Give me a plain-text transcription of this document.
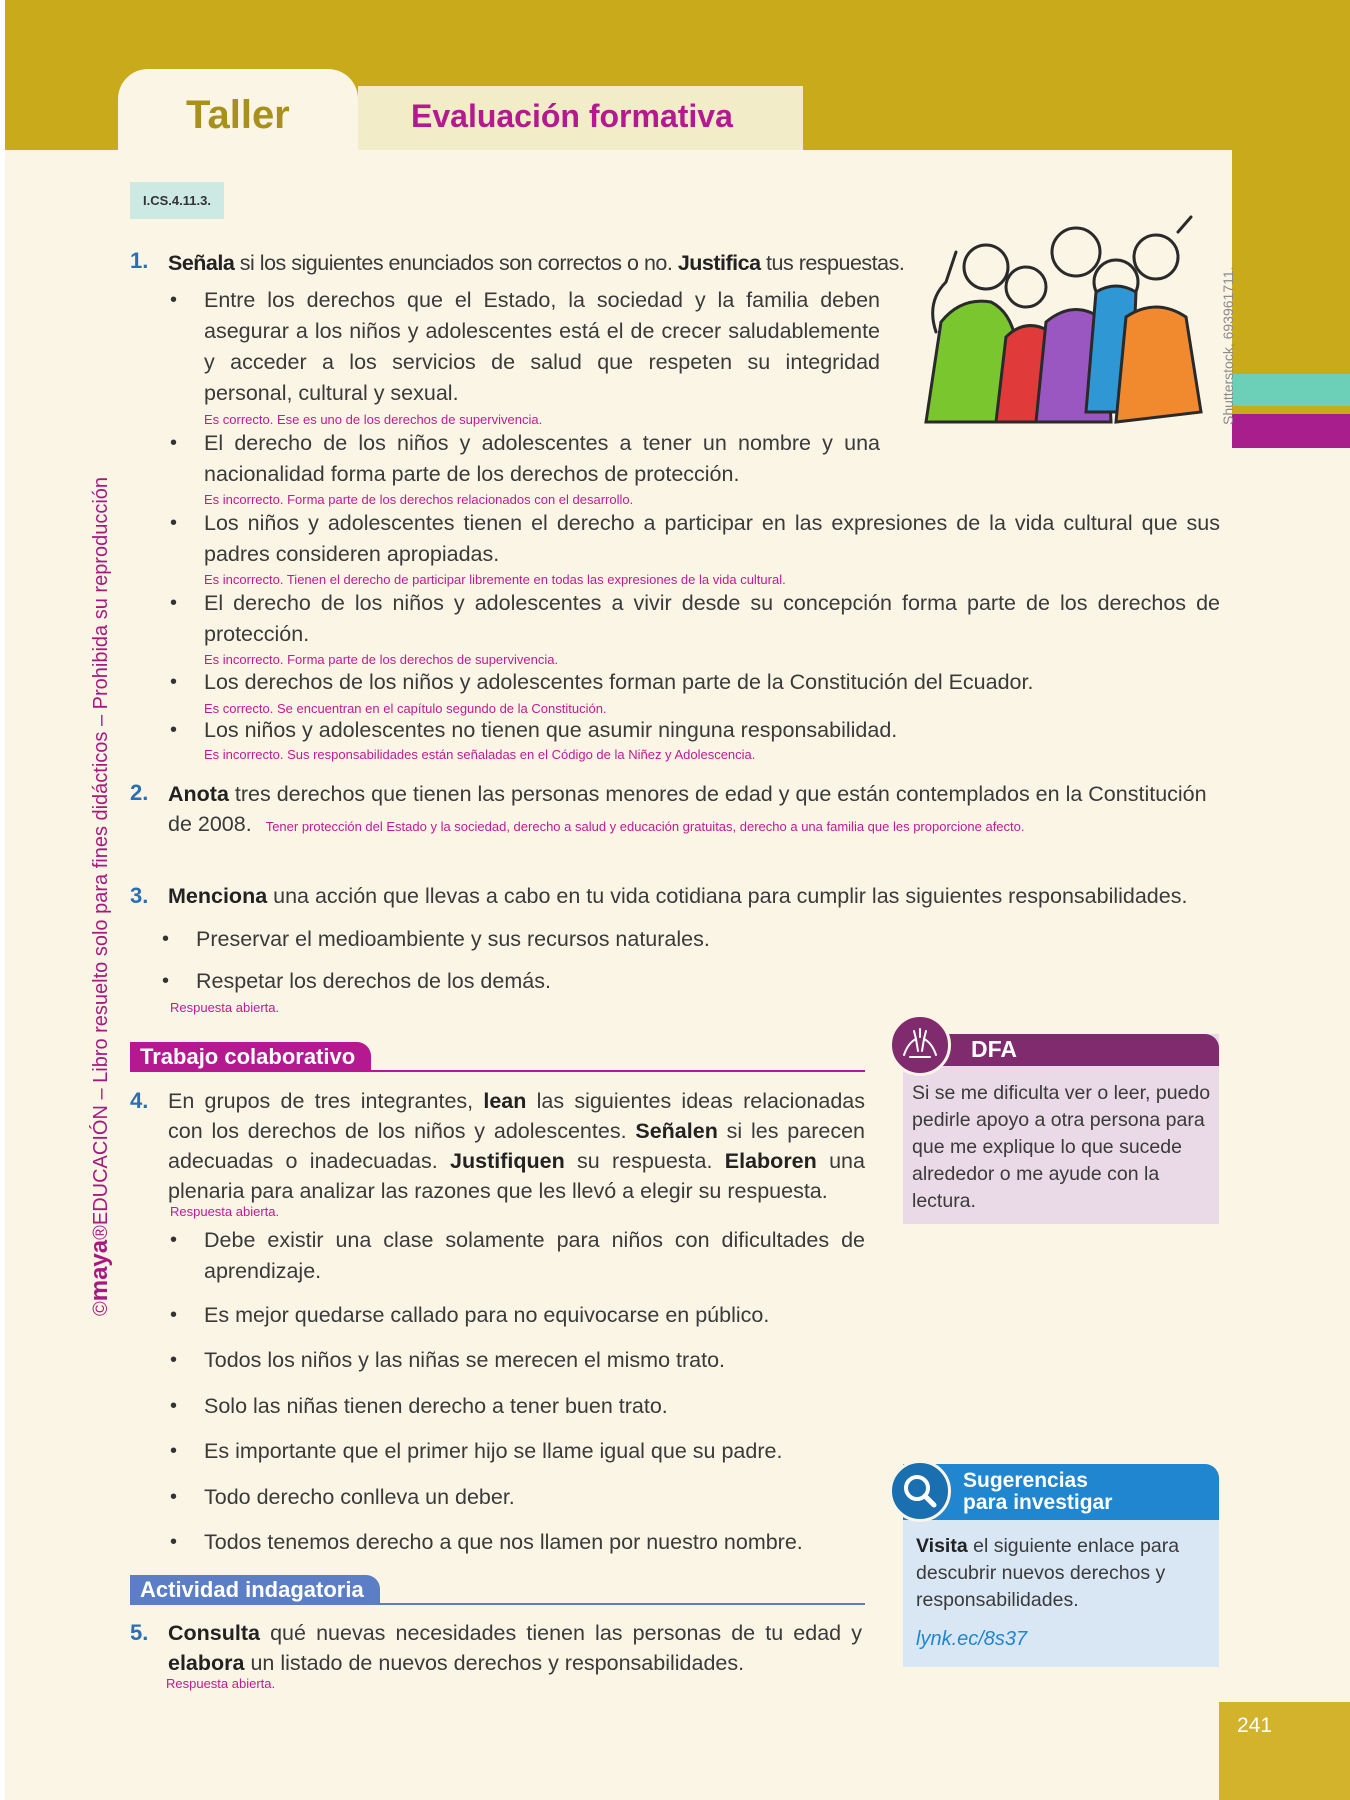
Taller	Evaluación formativa
©maya®EDUCACIÓN – Libro resuelto solo para fines didácticos – Prohibida su reproducción
I.CS.4.11.3.
Shutterstock, 693961711.
1. Señala si los siguientes enunciados son correctos o no. Justifica tus respuestas.
• Entre los derechos que el Estado, la sociedad y la familia deben asegurar a los niños y adolescentes está el de crecer saludablemente y acceder a los servicios de salud que respeten su integridad personal, cultural y sexual.
Es correcto. Ese es uno de los derechos de supervivencia.
• El derecho de los niños y adolescentes a tener un nombre y una nacionalidad forma parte de los derechos de protección.
Es incorrecto. Forma parte de los derechos relacionados con el desarrollo.
• Los niños y adolescentes tienen el derecho a participar en las expresiones de la vida cultural que sus padres consideren apropiadas.
Es incorrecto. Tienen el derecho de participar libremente en todas las expresiones de la vida cultural.
• El derecho de los niños y adolescentes a vivir desde su concepción forma parte de los derechos de protección.
Es incorrecto. Forma parte de los derechos de supervivencia.
• Los derechos de los niños y adolescentes forman parte de la Constitución del Ecuador.
Es correcto. Se encuentran en el capítulo segundo de la Constitución.
• Los niños y adolescentes no tienen que asumir ninguna responsabilidad.
Es incorrecto. Sus responsabilidades están señaladas en el Código de la Niñez y Adolescencia.
2. Anota tres derechos que tienen las personas menores de edad y que están contemplados en la Constitución de 2008. Tener protección del Estado y la sociedad, derecho a salud y educación gratuitas, derecho a una familia que les proporcione afecto.
3. Menciona una acción que llevas a cabo en tu vida cotidiana para cumplir las siguientes responsabilidades.
• Preservar el medioambiente y sus recursos naturales.
• Respetar los derechos de los demás.
Respuesta abierta.
Trabajo colaborativo
4. En grupos de tres integrantes, lean las siguientes ideas relacionadas con los derechos de los niños y adolescentes. Señalen si les parecen adecuadas o inadecuadas. Justifiquen su respuesta. Elaboren una plenaria para analizar las razones que les llevó a elegir su respuesta.
Respuesta abierta.
• Debe existir una clase solamente para niños con dificultades de aprendizaje.
• Es mejor quedarse callado para no equivocarse en público.
• Todos los niños y las niñas se merecen el mismo trato.
• Solo las niñas tienen derecho a tener buen trato.
• Es importante que el primer hijo se llame igual que su padre.
• Todo derecho conlleva un deber.
• Todos tenemos derecho a que nos llamen por nuestro nombre.
Actividad indagatoria
5. Consulta qué nuevas necesidades tienen las personas de tu edad y elabora un listado de nuevos derechos y responsabilidades.
Respuesta abierta.
DFA
Si se me dificulta ver o leer, puedo pedirle apoyo a otra persona para que me explique lo que sucede alrededor o me ayude con la lectura.
Sugerencias
para investigar
Visita el siguiente enlace para descubrir nuevos derechos y responsabilidades.
lynk.ec/8s37
241
